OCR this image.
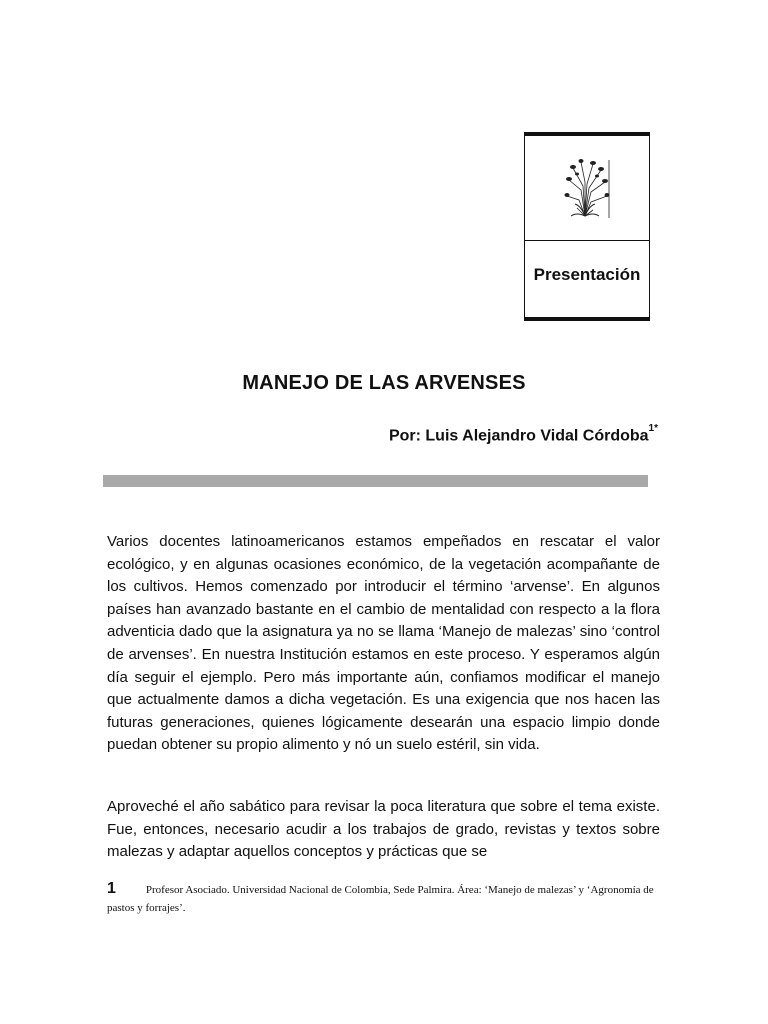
Presentación
MANEJO DE LAS ARVENSES
Por: Luis Alejandro Vidal Córdoba$^{1*}$

Varios docentes latinoamericanos estamos empeñados en rescatar el valor ecológico, y en algunas ocasiones económico, de la vegetación acompañante de los cultivos. Hemos comenzado por introducir el término ‘arvense’. En algunos países han avanzado bastante en el cambio de mentalidad con respecto a la flora adventicia dado que la asignatura ya no se llama ‘Manejo de malezas’ sino ‘control de arvenses’. En nuestra Institución estamos en este proceso. Y esperamos algún día seguir el ejemplo. Pero más importante aún, confiamos modificar el manejo que actualmente damos a dicha vegetación. Es una exigencia que nos hacen las futuras generaciones, quienes lógicamente desearán una espacio limpio donde puedan obtener su propio alimento y nó un suelo estéril, sin vida.

Aproveché el año sabático para revisar la poca literatura que sobre el tema existe. Fue, entonces, necesario acudir a los trabajos de grado, revistas y textos sobre malezas y adaptar aquellos conceptos y prácticas que se

1	Profesor Asociado. Universidad Nacional de Colombia, Sede Palmira. Área: ‘Manejo de malezas’ y ‘Agronomía de pastos y forrajes’.
